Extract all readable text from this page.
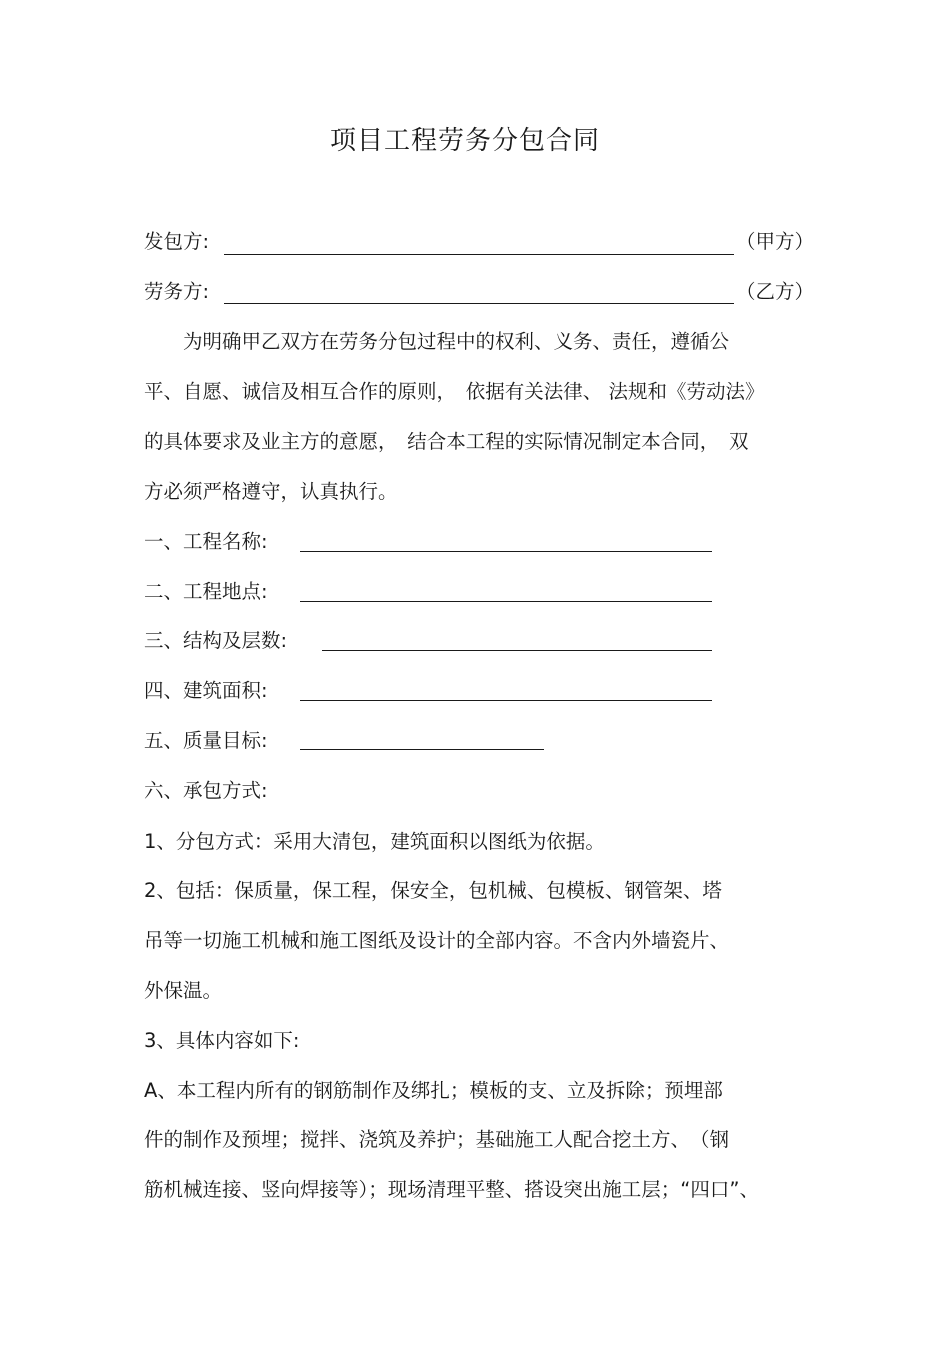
项目工程劳务分包合同
发包方:	（甲方）
劳务方:	（乙方）
　　为明确甲乙双方在劳务分包过程中的权利、义务、责任，遵循公
平、自愿、诚信及相互合作的原则，　依据有关法律、 法规和《劳动法》
的具体要求及业主方的意愿，　结合本工程的实际情况制定本合同，　双
方必须严格遵守，认真执行。
一、工程名称:
二、工程地点:
三、结构及层数:
四、建筑面积:
五、质量目标:
六、承包方式:
1、分包方式：采用大清包，建筑面积以图纸为依据。
2、包括：保质量，保工程，保安全，包机械、包模板、钢管架、塔
吊等一切施工机械和施工图纸及设计的全部内容。不含内外墙瓷片、
外保温。
3、具体内容如下:
A、本工程内所有的钢筋制作及绑扎；模板的支、立及拆除；预埋部
件的制作及预埋；搅拌、浇筑及养护；基础施工人配合挖土方、　（钢
筋机械连接、竖向焊接等）；现场清理平整、搭设突出施工层；“四口”、
